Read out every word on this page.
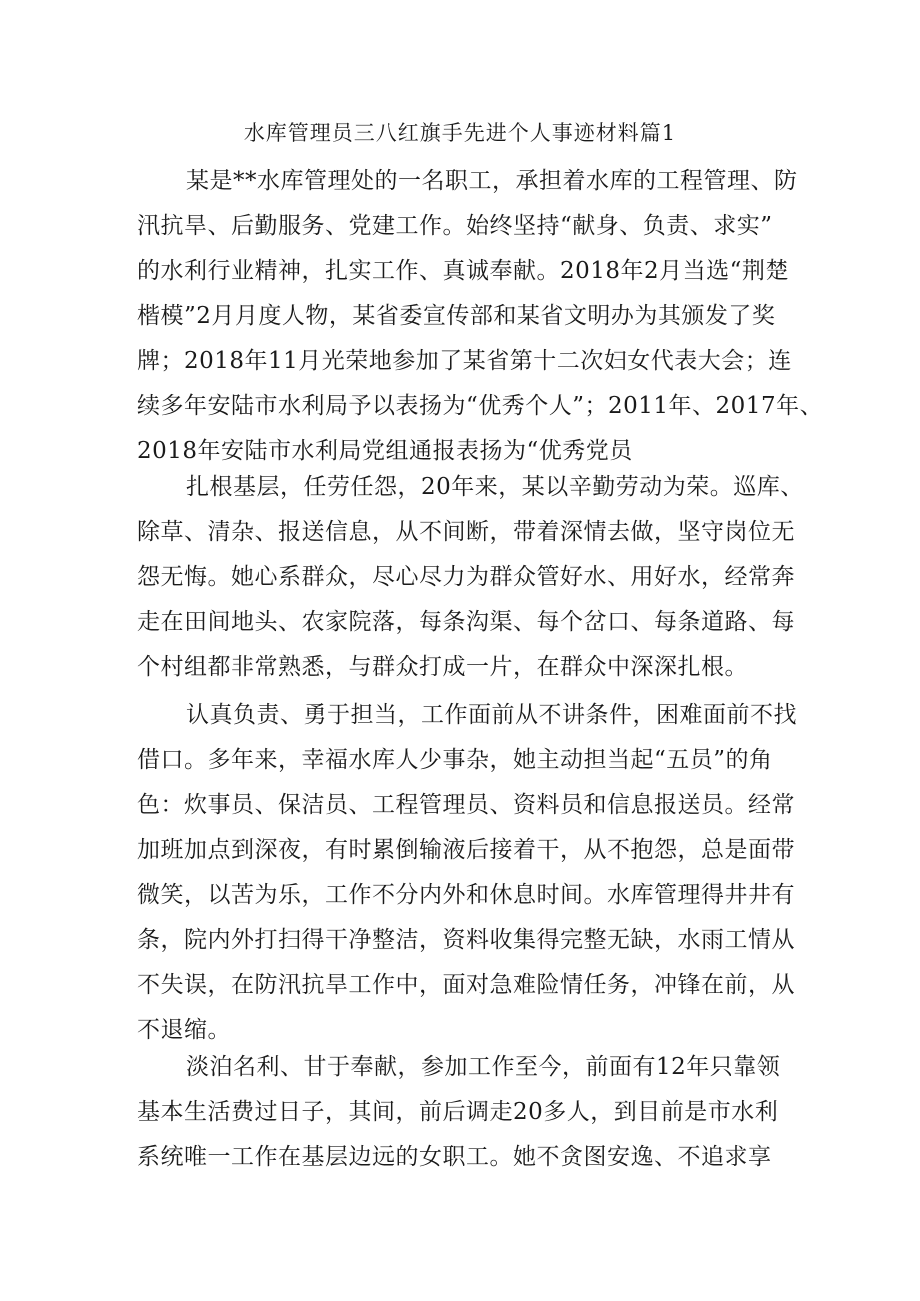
水库管理员三八红旗手先进个人事迹材料篇1
某是**水库管理处的一名职工，承担着水库的工程管理、防
汛抗旱、后勤服务、党建工作。始终坚持“献身、负责、求实”
的水利行业精神，扎实工作、真诚奉献。2018年2月当选“荆楚
楷模”2月月度人物，某省委宣传部和某省文明办为其颁发了奖
牌；2018年11月光荣地参加了某省第十二次妇女代表大会；连
续多年安陆市水利局予以表扬为“优秀个人”；2011年、2017年、
2018年安陆市水利局党组通报表扬为“优秀党员
扎根基层，任劳任怨，20年来，某以辛勤劳动为荣。巡库、
除草、清杂、报送信息，从不间断，带着深情去做，坚守岗位无
怨无悔。她心系群众，尽心尽力为群众管好水、用好水，经常奔
走在田间地头、农家院落，每条沟渠、每个岔口、每条道路、每
个村组都非常熟悉，与群众打成一片，在群众中深深扎根。
认真负责、勇于担当，工作面前从不讲条件，困难面前不找
借口。多年来，幸福水库人少事杂，她主动担当起“五员”的角
色：炊事员、保洁员、工程管理员、资料员和信息报送员。经常
加班加点到深夜，有时累倒输液后接着干，从不抱怨，总是面带
微笑，以苦为乐，工作不分内外和休息时间。水库管理得井井有
条，院内外打扫得干净整洁，资料收集得完整无缺，水雨工情从
不失误，在防汛抗旱工作中，面对急难险情任务，冲锋在前，从
不退缩。
淡泊名利、甘于奉献，参加工作至今，前面有12年只靠领
基本生活费过日子，其间，前后调走20多人，到目前是市水利
系统唯一工作在基层边远的女职工。她不贪图安逸、不追求享
